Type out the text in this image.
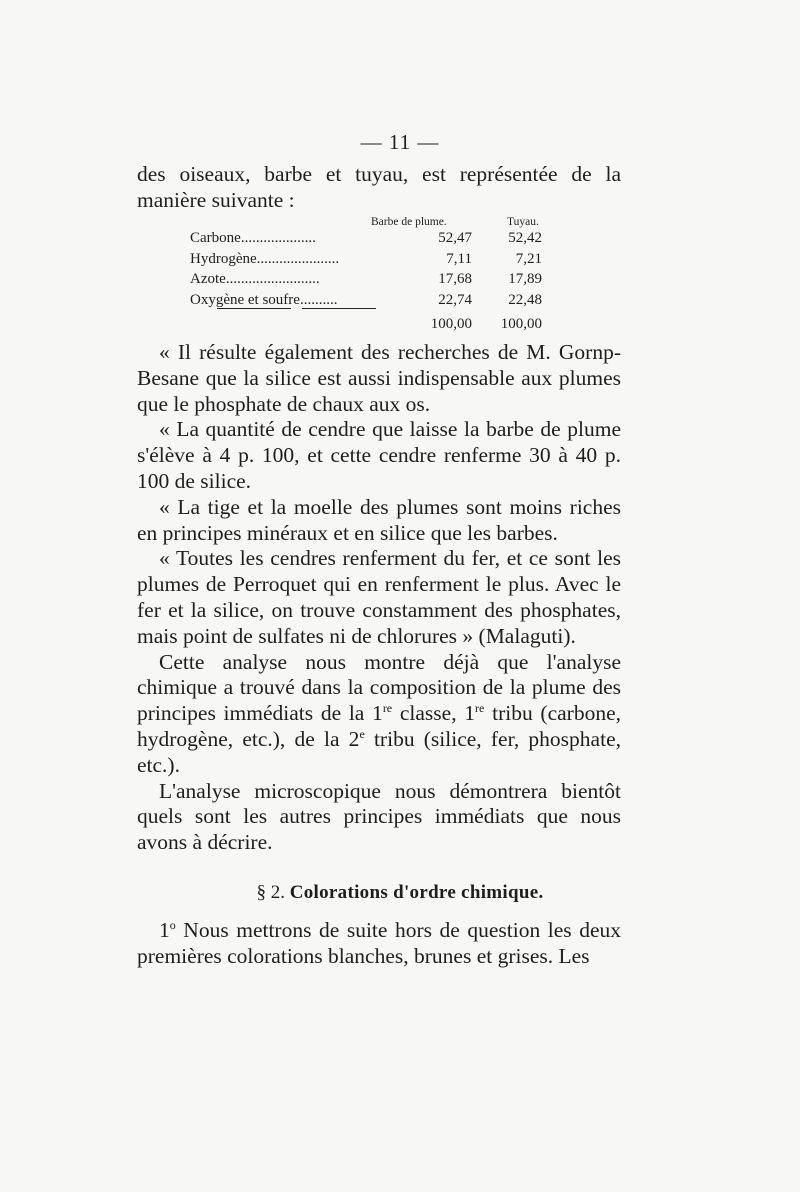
— 11 —

des oiseaux, barbe et tuyau, est représentée de la manière suivante :

Barbe de plume.	Tuyau.
Carbone....................	52,47	52,42
Hydrogène......................	7,11	7,21
Azote.........................	17,68	17,89
Oxygène et soufre..........	22,74	22,48
100,00	100,00

« Il résulte également des recherches de M. Gornp-Besane que la silice est aussi indispensable aux plumes que le phosphate de chaux aux os.

« La quantité de cendre que laisse la barbe de plume s'élève à 4 p. 100, et cette cendre renferme 30 à 40 p. 100 de silice.

« La tige et la moelle des plumes sont moins riches en principes minéraux et en silice que les barbes.

« Toutes les cendres renferment du fer, et ce sont les plumes de Perroquet qui en renferment le plus. Avec le fer et la silice, on trouve constamment des phosphates, mais point de sulfates ni de chlorures » (Malaguti).

Cette analyse nous montre déjà que l'analyse chimique a trouvé dans la composition de la plume des principes immédiats de la 1re classe, 1re tribu (carbone, hydrogène, etc.), de la 2e tribu (silice, fer, phosphate, etc.).

L'analyse microscopique nous démontrera bientôt quels sont les autres principes immédiats que nous avons à décrire.

§ 2. Colorations d'ordre chimique.

1$^o$ Nous mettrons de suite hors de question les deux premières colorations blanches, brunes et grises. Les
